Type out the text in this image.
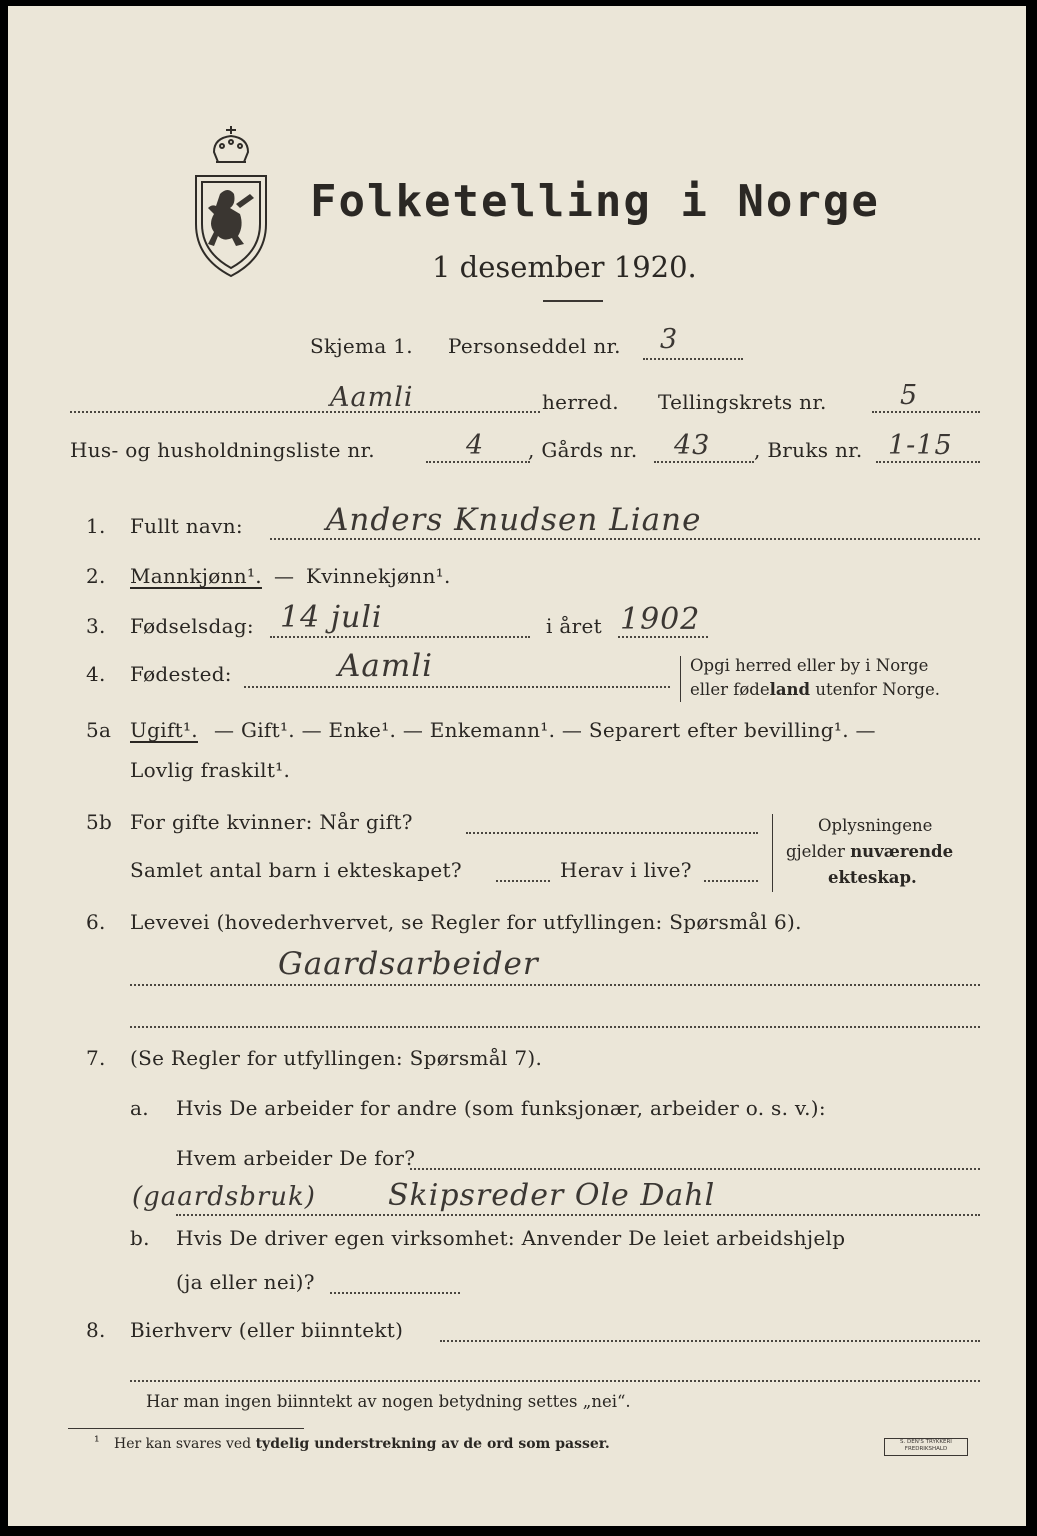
Folketelling i Norge
1 desember 1920.
Skjema 1. Personseddel nr. 3
Aamli	herred. Tellingskrets nr.	5
Hus- og husholdningsliste nr.	4 , Gårds nr. 43 , Bruks nr. 1-15
1. Fullt navn:	Anders Knudsen Liane
2. Mannkjønn¹. — Kvinnekjønn¹.
3. Fødselsdag: 14 juli	i året 1902
4. Fødested:	Aamli	Opgi herred eller by i Norge
eller fødeland utenfor Norge.
5a Ugift¹. — Gift¹. — Enke¹. — Enkemann¹. — Separert efter bevilling¹. —
Lovlig fraskilt¹.
5b For gifte kvinner: Når gift?
Samlet antal barn i ekteskapet?	Herav i live?
Oplysningene
gjelder nuværende
ekteskap.
6. Levevei (hovederhvervet, se Regler for utfyllingen: Spørsmål 6).
Gaardsarbeider
7. (Se Regler for utfyllingen: Spørsmål 7).
a. Hvis De arbeider for andre (som funksjonær, arbeider o. s. v.):
Hvem arbeider De for?
(gaardsbruk) Skipsreder Ole Dahl
b. Hvis De driver egen virksomhet: Anvender De leiet arbeidshjelp
(ja eller nei)?
8. Bierhverv (eller biinntekt)
Har man ingen biinntekt av nogen betydning settes „nei“.
¹ Her kan svares ved tydelig understrekning av de ord som passer.	S. DEN'S TRYKKERI FREDRIKSHALD
